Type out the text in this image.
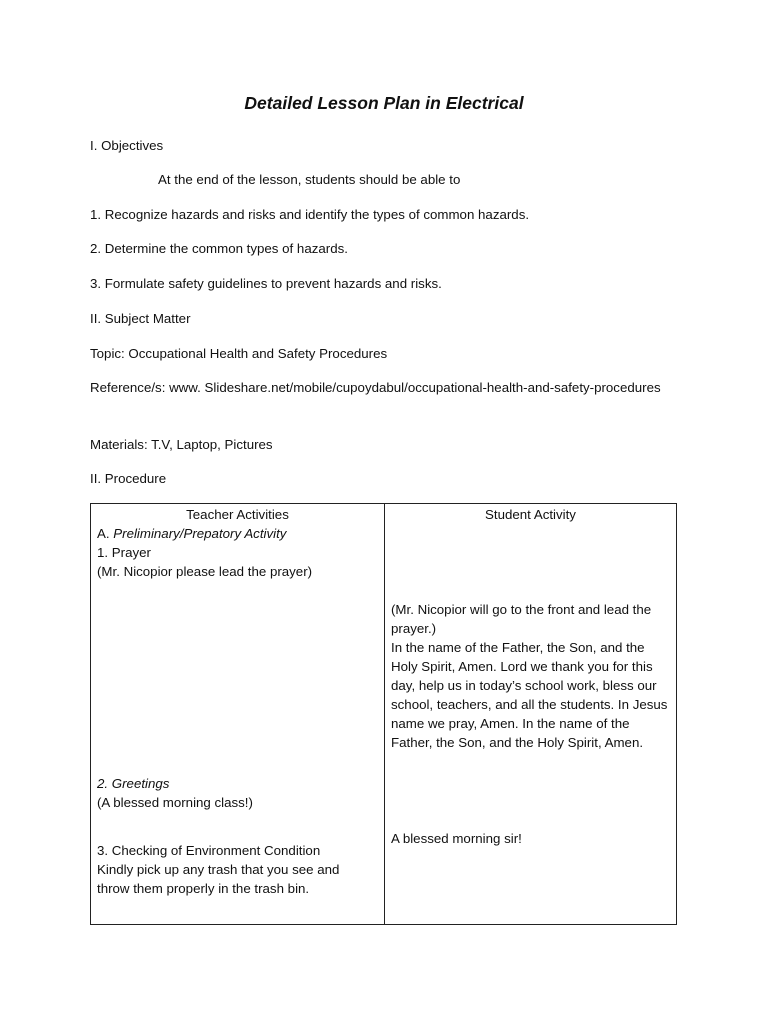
Detailed Lesson Plan in Electrical

I. Objectives

At the end of the lesson, students should be able to

1. Recognize hazards and risks and identify the types of common hazards.

2. Determine the common types of hazards.

3. Formulate safety guidelines to prevent hazards and risks.

II. Subject Matter

Topic: Occupational Health and Safety Procedures

Reference/s: www. Slideshare.net/mobile/cupoydabul/occupational-health-and-safety-procedures

Materials: T.V, Laptop, Pictures

II. Procedure

Teacher Activities

A. Preliminary/Prepatory Activity

1. Prayer

(Mr. Nicopior please lead the prayer)

2. Greetings

(A blessed morning class!)

3. Checking of Environment Condition

Kindly pick up any trash that you see and throw them properly in the trash bin.

Student Activity

(Mr. Nicopior will go to the front and lead the prayer.)

In the name of the Father, the Son, and the Holy Spirit, Amen. Lord we thank you for this day, help us in today’s school work, bless our school, teachers, and all the students. In Jesus name we pray, Amen. In the name of the Father, the Son, and the Holy Spirit, Amen.

A blessed morning sir!
